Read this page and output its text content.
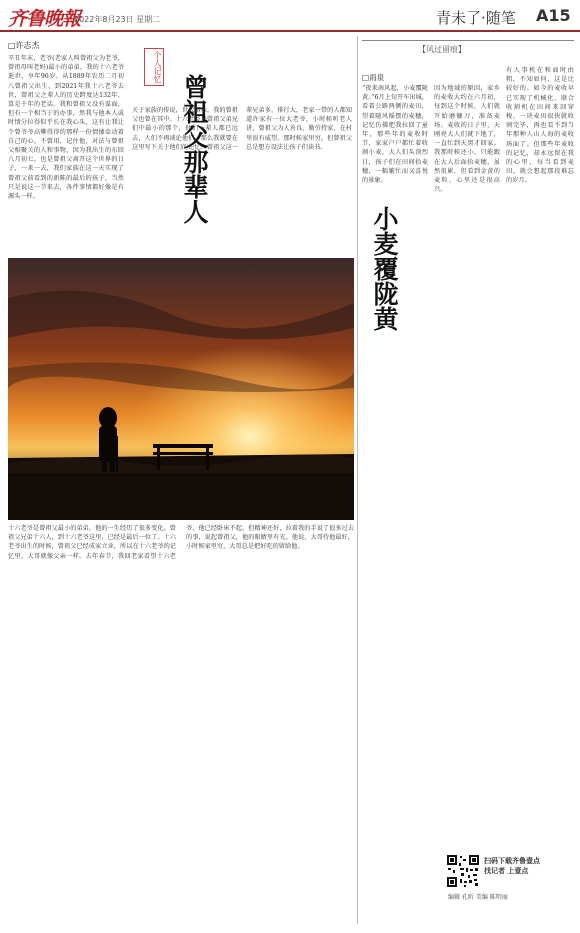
齐鲁晚報
2022年8月23日 星期二	青未了·随笔 A15
□许志杰

辛丑年末，老爷(老家人叫曾祖父为老爷，曾祖母叫老妈)最小的弟弟，我的十六老爷逝世，享年96岁。从1889年农历二月初八曾祖父出生，到2021年我十六老爷去世，曾祖父之辈人的历史跨度达132年，算是千年的老话。我和曾祖父没有谋面，但有一个相当于的办事，然我与他本人或时情分拉得似乎长在我心头，这有让我让个曾爷爷高攀得得的那样一份情愫牵动着自己的心。不曾用，记住他，对法与曾祖父相聚关的人和事物，因为我出生的东回八月初七，也是曾祖父离开这个世界的日子，一来一去，我们家族在这一天实现了曾祖父前看到的新陈的最后的孩子，当然只是说这一节来去，各件事情都好像是有源头一样。

个人记忆
曾祖父那辈人

关于家族的传说，世代相承。我的曾祖父也曾在其中。十六老爷是曾祖父弟兄们中最小的那个，他们一辈人都已远去，人们不再谈论他们，那么我就要在这里写下关于他们的记忆。曾祖父这一辈兄弟多，排行大，老家一带的人都知道许家有一位大老爷，小时候听老人讲，曾祖父为人善良，勤劳持家，在村里很有威望。那时候家里穷，但曾祖父总是想方设法让孩子们读书。

十六老爷是曾祖父最小的弟弟，他的一生经历了很多变化。曾祖父兄弟十六人，到十六老爷这里，已经是最后一位了。十六老爷出生的时候，曾祖父已经成家立业，所以在十六老爷的记忆里，大哥就像父亲一样。去年春节，我回老家看望十六老爷，他已经卧床不起，但精神还好，拉着我的手说了很多过去的事，说起曾祖父，他的眼睛里有光。他说，大哥待他最好，小时候家里穷，大哥总是把好吃的留给他。

【风过留痕】
□雨泉
小麦覆陇黄

“夜来南风起，小麦覆陇黄。”6月上旬开车出城，看着公路两侧的麦田，望着随风摇摆的麦穗，记忆仿佛把我拉回了童年，那些年的麦收时节，家家户户都忙着收割小麦，大人们头顶烈日，孩子们在田间拾麦穗，一幅繁忙而又喜悦的景象。

因为地域的原因，家乡的麦收大约在六月初，每到这个时候，人们就开始磨镰刀，准备麦场。麦收的日子里，天刚亮大人们就下地了，一直忙到天黑才回家。我那时候还小，只能跟在大人后面拾麦穗，虽然很累，但看到金黄的麦粒，心里还是很高兴。

有人事机在和面时由粗，不知如何，这是比较好的。如今的麦收早已实现了机械化，联合收割机在田间来回穿梭，一块麦田很快就收割完毕，再也看不到当年那种人山人海的麦收场面了。但那些年麦收的记忆，却永远留在我的心里，每当看到麦田，就会想起那段难忘的岁月。

扫码下载齐鲁壹点
找记者 上壹点
编辑 孔昕 美编 陈明丽
